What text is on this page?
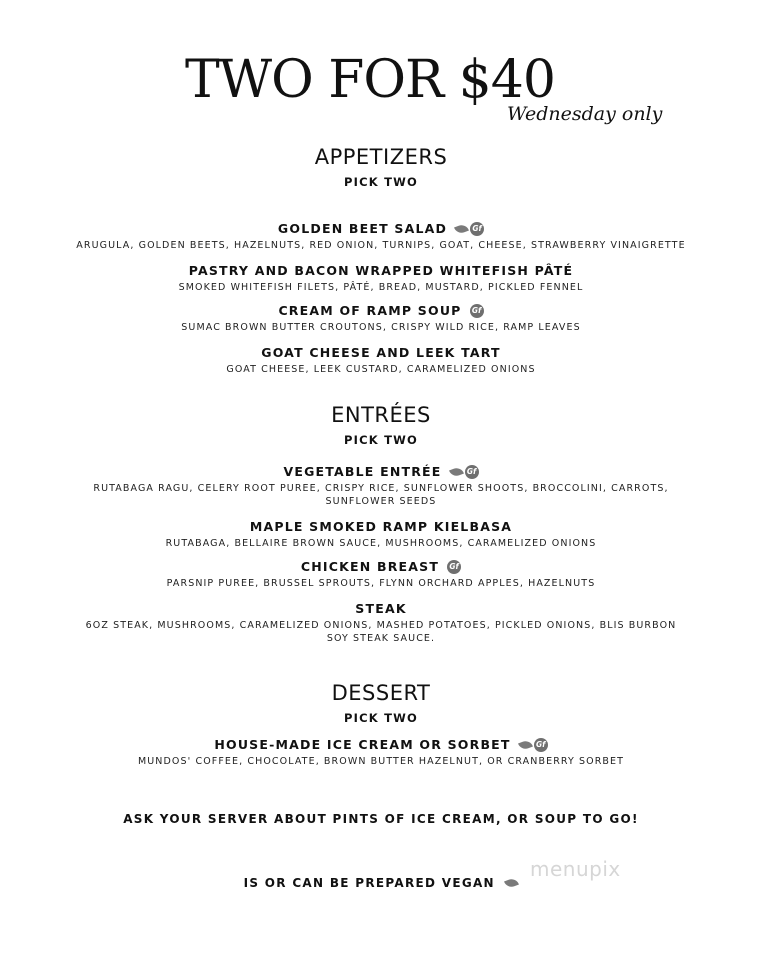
TWO FOR $40
Wednesday only
APPETIZERS
PICK TWO
GOLDEN BEET SALAD	Gf
ARUGULA, GOLDEN BEETS, HAZELNUTS, RED ONION, TURNIPS, GOAT, CHEESE, STRAWBERRY VINAIGRETTE
PASTRY AND BACON WRAPPED WHITEFISH PÂTÉ
SMOKED WHITEFISH FILETS, PÂTÉ, BREAD, MUSTARD, PICKLED FENNEL
CREAM OF RAMP SOUP	Gf
SUMAC BROWN BUTTER CROUTONS, CRISPY WILD RICE, RAMP LEAVES
GOAT CHEESE AND LEEK TART
GOAT CHEESE, LEEK CUSTARD, CARAMELIZED ONIONS
ENTRÉES
PICK TWO
VEGETABLE ENTRÉE	Gf
RUTABAGA RAGU, CELERY ROOT PUREE, CRISPY RICE, SUNFLOWER SHOOTS, BROCCOLINI, CARROTS, SUNFLOWER SEEDS
MAPLE SMOKED RAMP KIELBASA
RUTABAGA, BELLAIRE BROWN SAUCE, MUSHROOMS, CARAMELIZED ONIONS
CHICKEN BREAST	Gf
PARSNIP PUREE, BRUSSEL SPROUTS, FLYNN ORCHARD APPLES, HAZELNUTS
STEAK
6OZ STEAK, MUSHROOMS, CARAMELIZED ONIONS, MASHED POTATOES, PICKLED ONIONS, BLIS BURBON SOY STEAK SAUCE.
DESSERT
PICK TWO
HOUSE-MADE ICE CREAM OR SORBET	Gf
MUNDOS' COFFEE, CHOCOLATE, BROWN BUTTER HAZELNUT, OR CRANBERRY SORBET
ASK YOUR SERVER ABOUT PINTS OF ICE CREAM, OR SOUP TO GO!
IS OR CAN BE PREPARED VEGAN
menupix
